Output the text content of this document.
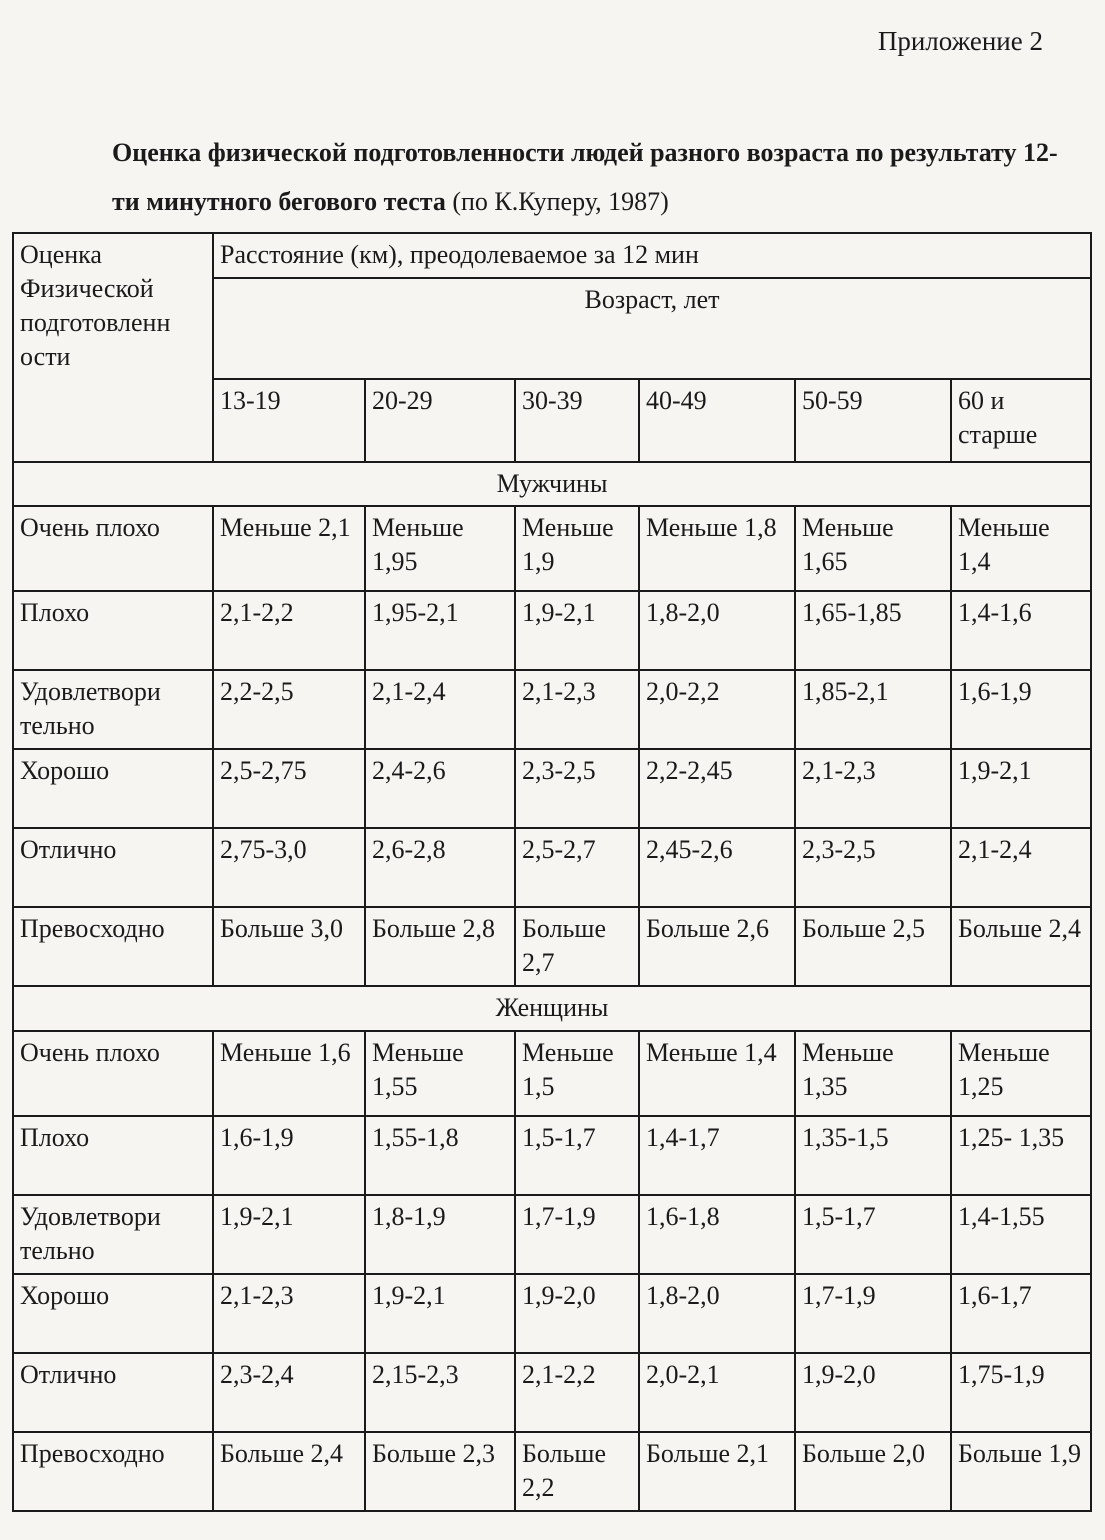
Приложение 2
Оценка физической подготовленности людей разного возраста по результату 12-ти минутного бегового теста (по К.Куперу, 1987)
Оценка Физической подготовленн ости	Расстояние (км), преодолеваемое за 12 мин					
	Возраст, лет					
	13-19	20-29	30-39	40-49	50-59	60 и старше
Мужчины						
Очень плохо	Меньше 2,1	Меньше 1,95	Меньше 1,9	Меньше 1,8	Меньше 1,65	Меньше 1,4
Плохо	2,1-2,2	1,95-2,1	1,9-2,1	1,8-2,0	1,65-1,85	1,4-1,6
Удовлетвори тельно	2,2-2,5	2,1-2,4	2,1-2,3	2,0-2,2	1,85-2,1	1,6-1,9
Хорошо	2,5-2,75	2,4-2,6	2,3-2,5	2,2-2,45	2,1-2,3	1,9-2,1
Отлично	2,75-3,0	2,6-2,8	2,5-2,7	2,45-2,6	2,3-2,5	2,1-2,4
Превосходно	Больше 3,0	Больше 2,8	Больше 2,7	Больше 2,6	Больше 2,5	Больше 2,4
Женщины						
Очень плохо	Меньше 1,6	Меньше 1,55	Меньше 1,5	Меньше 1,4	Меньше 1,35	Меньше 1,25
Плохо	1,6-1,9	1,55-1,8	1,5-1,7	1,4-1,7	1,35-1,5	1,25- 1,35
Удовлетвори тельно	1,9-2,1	1,8-1,9	1,7-1,9	1,6-1,8	1,5-1,7	1,4-1,55
Хорошо	2,1-2,3	1,9-2,1	1,9-2,0	1,8-2,0	1,7-1,9	1,6-1,7
Отлично	2,3-2,4	2,15-2,3	2,1-2,2	2,0-2,1	1,9-2,0	1,75-1,9
Превосходно	Больше 2,4	Больше 2,3	Больше 2,2	Больше 2,1	Больше 2,0	Больше 1,9
